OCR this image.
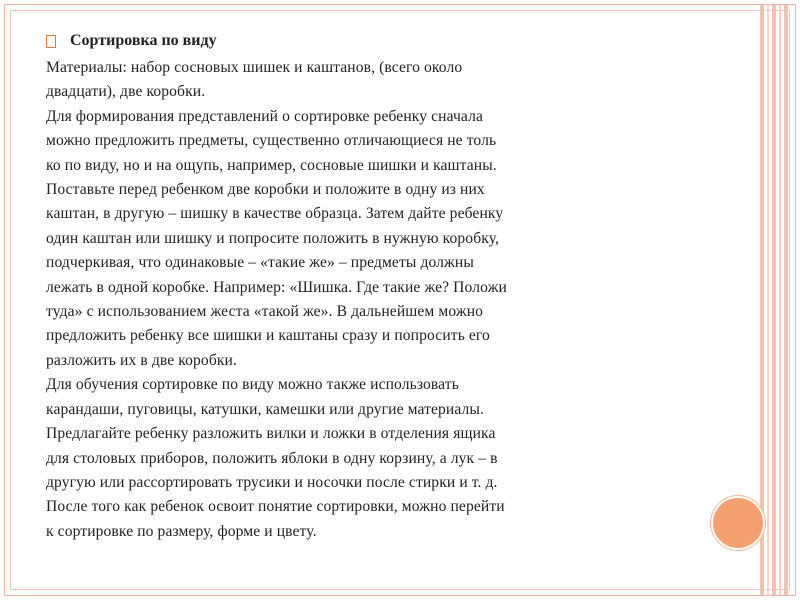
Сортировка по виду
Материалы: набор сосновых шишек и каштанов, (всего около
двадцати), две коробки.
Для формирования представлений о сортировке ребенку сначала
можно предложить предметы, существенно отличающиеся не толь
ко по виду, но и на ощупь, например, сосновые шишки и каштаны.
Поставьте перед ребенком две коробки и положите в одну из них
каштан, в другую – шишку в качестве образца. Затем дайте ребенку
один каштан или шишку и попросите положить в нужную коробку,
подчеркивая, что одинаковые – «такие же» – предметы должны
лежать в одной коробке. Например: «Шишка. Где такие же? Положи
туда» с использованием жеста «такой же». В дальнейшем можно
предложить ребенку все шишки и каштаны сразу и попросить его
разложить их в две коробки.
Для обучения сортировке по виду можно также использовать
карандаши, пуговицы, катушки, камешки или другие материалы.
Предлагайте ребенку разложить вилки и ложки в отделения ящика
для столовых приборов, положить яблоки в одну корзину, а лук – в
другую или рассортировать трусики и носочки после стирки и т. д.
После того как ребенок освоит понятие сортировки, можно перейти
к сортировке по размеру, форме и цвету.
